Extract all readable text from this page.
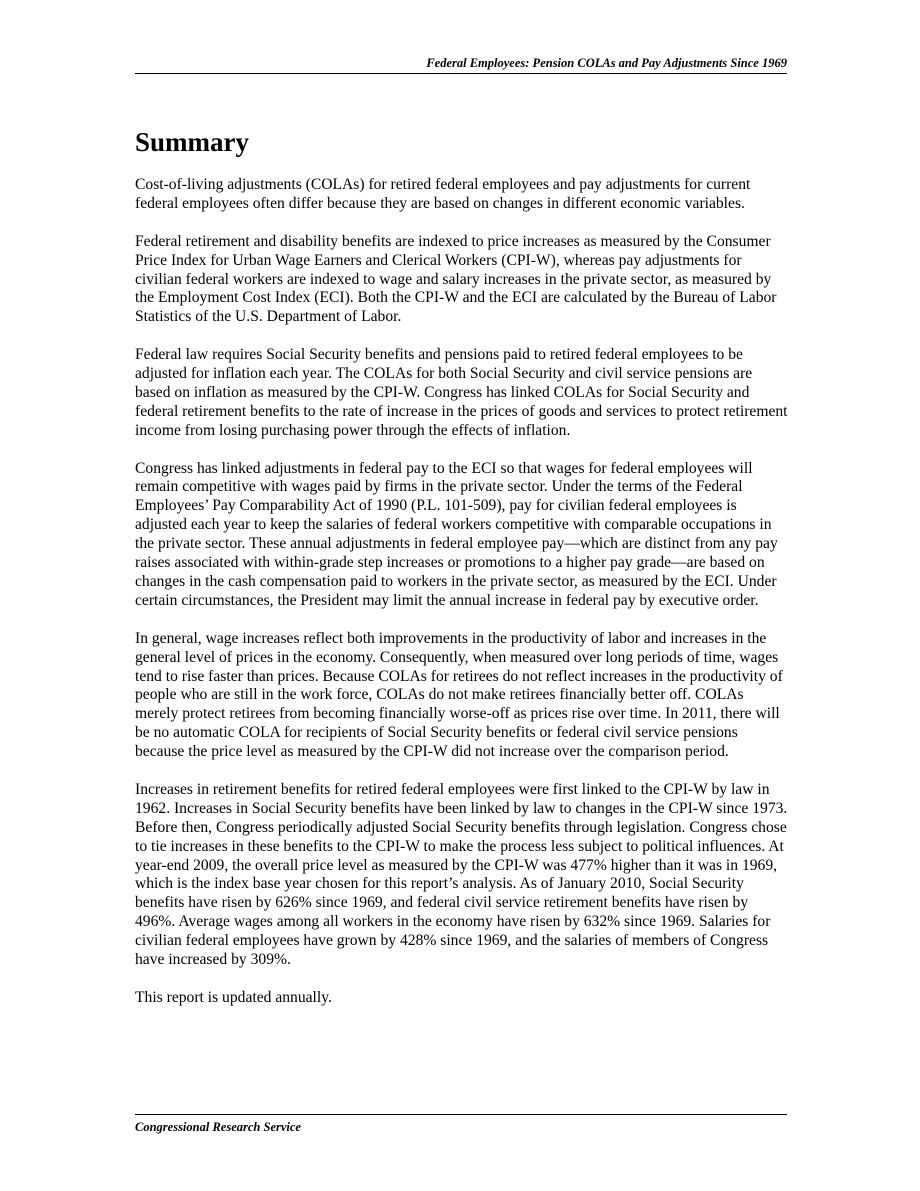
Federal Employees: Pension COLAs and Pay Adjustments Since 1969
Summary

Cost-of-living adjustments (COLAs) for retired federal employees and pay adjustments for current federal employees often differ because they are based on changes in different economic variables.

Federal retirement and disability benefits are indexed to price increases as measured by the Consumer Price Index for Urban Wage Earners and Clerical Workers (CPI-W), whereas pay adjustments for civilian federal workers are indexed to wage and salary increases in the private sector, as measured by the Employment Cost Index (ECI). Both the CPI-W and the ECI are calculated by the Bureau of Labor Statistics of the U.S. Department of Labor.

Federal law requires Social Security benefits and pensions paid to retired federal employees to be adjusted for inflation each year. The COLAs for both Social Security and civil service pensions are based on inflation as measured by the CPI-W. Congress has linked COLAs for Social Security and federal retirement benefits to the rate of increase in the prices of goods and services to protect retirement income from losing purchasing power through the effects of inflation.

Congress has linked adjustments in federal pay to the ECI so that wages for federal employees will remain competitive with wages paid by firms in the private sector. Under the terms of the Federal Employees’ Pay Comparability Act of 1990 (P.L. 101-509), pay for civilian federal employees is adjusted each year to keep the salaries of federal workers competitive with comparable occupations in the private sector. These annual adjustments in federal employee pay—which are distinct from any pay raises associated with within-grade step increases or promotions to a higher pay grade—are based on changes in the cash compensation paid to workers in the private sector, as measured by the ECI. Under certain circumstances, the President may limit the annual increase in federal pay by executive order.

In general, wage increases reflect both improvements in the productivity of labor and increases in the general level of prices in the economy. Consequently, when measured over long periods of time, wages tend to rise faster than prices. Because COLAs for retirees do not reflect increases in the productivity of people who are still in the work force, COLAs do not make retirees financially better off. COLAs merely protect retirees from becoming financially worse-off as prices rise over time. In 2011, there will be no automatic COLA for recipients of Social Security benefits or federal civil service pensions because the price level as measured by the CPI-W did not increase over the comparison period.

Increases in retirement benefits for retired federal employees were first linked to the CPI-W by law in 1962. Increases in Social Security benefits have been linked by law to changes in the CPI-W since 1973. Before then, Congress periodically adjusted Social Security benefits through legislation. Congress chose to tie increases in these benefits to the CPI-W to make the process less subject to political influences. At year-end 2009, the overall price level as measured by the CPI-W was 477% higher than it was in 1969, which is the index base year chosen for this report’s analysis. As of January 2010, Social Security benefits have risen by 626% since 1969, and federal civil service retirement benefits have risen by 496%. Average wages among all workers in the economy have risen by 632% since 1969. Salaries for civilian federal employees have grown by 428% since 1969, and the salaries of members of Congress have increased by 309%.

This report is updated annually.

Congressional Research Service
